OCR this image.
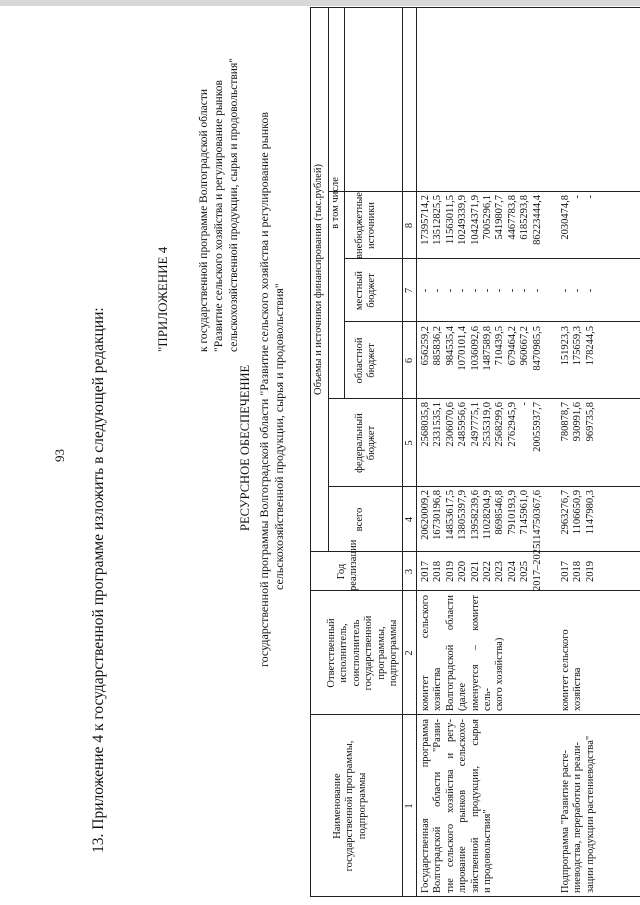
93 13. Приложение 4 к государственной программе изложить в следующей редакции:
"ПРИЛОЖЕНИЕ 4 к государственной программе Волгоградской области "Развитие сельского хозяйства и регулирование рынков сельскохозяйственной продукции, сырья и продовольствия"
РЕСУРСНОЕ ОБЕСПЕЧЕНИЕ государственной программы Волгоградской области "Развитие сельского хозяйства и регулирование рынков сельскохозяйственной продукции, сырья и продовольствия"
Наименование государственной программы, подпрограммы
Ответственный исполнитель, соисполнитель государственной программы, подпрограммы
Год реализации
Объемы и источники финансирования (тыс.рублей)
всего
в том числе
федеральный бюджет
областной бюджет
местный бюджет
внебюджетные источники
1
2
3
4
5
6
7
8
Государственная программа Волгоградской области "Разви- тие сельского хозяйства и регу- лирование рынков сельскохо- зяйственной продукции, сырья и продовольствия"
комитет сельского хозяйства Волгоградской области (далее именуется – комитет сель- ского хозяйства)
Подпрограмма "Развитие расте- ниеводства, переработки и реали- зации продукции растениеводства"
комитет сельского хозяйства
2017
20620009,2
2568035,8
656259,2
-
17395714,2
2018
16730196,8
2331535,1
885836,2
-
13512825,5
2019
14853617,5
2306070,6
984535,4
-
11563011,5
2020
13805397,9
2485956,6
1070101,4
-
10249339,9
2021
13958239,6
2497775,1
1036092,6
-
10424371,9
2022
11028204,9
2535319,0
1487589,8
-
7005296,1
2023
8698546,8
2568299,6
710439,5
-
5419807,7
2024
7910193,9
2762945,9
679464,2
-
4467783,8
2025
7145961,0
-
960667,2
-
6185293,8
2017–2025
114750367,6
20055937,7
8470985,5
-
86223444,4
2017
2963276,7
780878,7
151923,3
-
2030474,8
2018
1106650,9
930991,6
175659,3
-
-
2019
1147980,3
969735,8
178244,5
-
-
